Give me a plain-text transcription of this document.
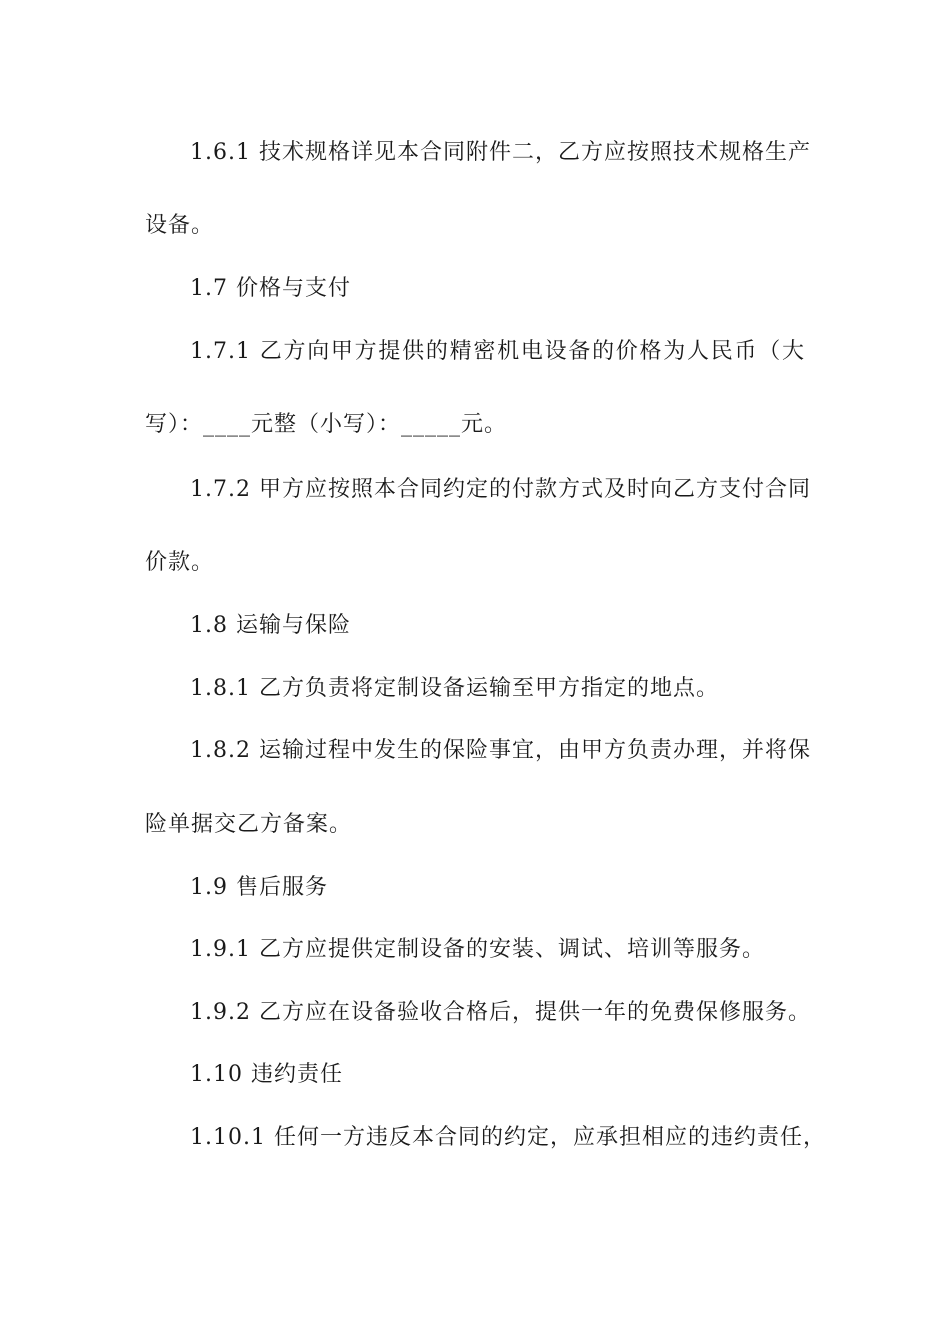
1.6.1 技术规格详见本合同附件二，乙方应按照技术规格生产
设备。
1.7 价格与支付
1.7.1 乙方向甲方提供的精密机电设备的价格为人民币（大
写）：____元整（小写）：_____元。
1.7.2 甲方应按照本合同约定的付款方式及时向乙方支付合同
价款。
1.8 运输与保险
1.8.1 乙方负责将定制设备运输至甲方指定的地点。
1.8.2 运输过程中发生的保险事宜，由甲方负责办理，并将保
险单据交乙方备案。
1.9 售后服务
1.9.1 乙方应提供定制设备的安装、调试、培训等服务。
1.9.2 乙方应在设备验收合格后，提供一年的免费保修服务。
1.10 违约责任
1.10.1 任何一方违反本合同的约定，应承担相应的违约责任，
